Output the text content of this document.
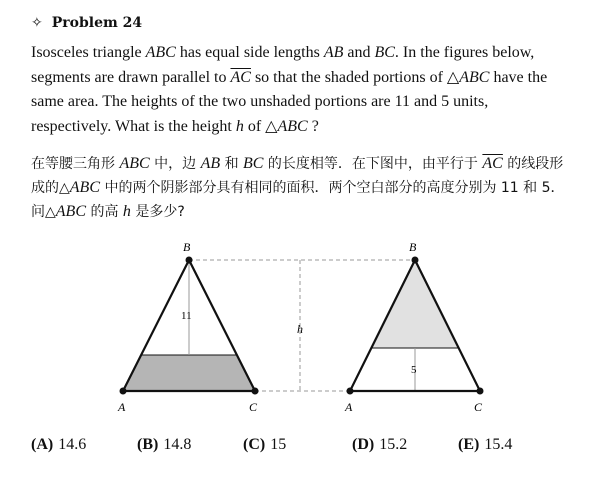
✧ Problem 24
Isosceles triangle ABC has equal side lengths AB and BC. In the figures below, segments are drawn parallel to $\overline{AC}$ so that the shaded portions of △ABC have the same area. The heights of the two unshaded portions are 11 and 5 units, respectively. What is the height h of △ABC ?
在等腰三角形 ABC 中，边 AB 和 BC 的长度相等．在下图中，由平行于 $\overline{AC}$ 的线段形成的△ABC 中的两个阴影部分具有相同的面积．两个空白部分的高度分别为 11 和 5．问△ABC 的高 h 是多少?
B
A	C
11
h
B
A	C
5
(A) 14.6	(B) 14.8	(C) 15	(D) 15.2	(E) 15.4
